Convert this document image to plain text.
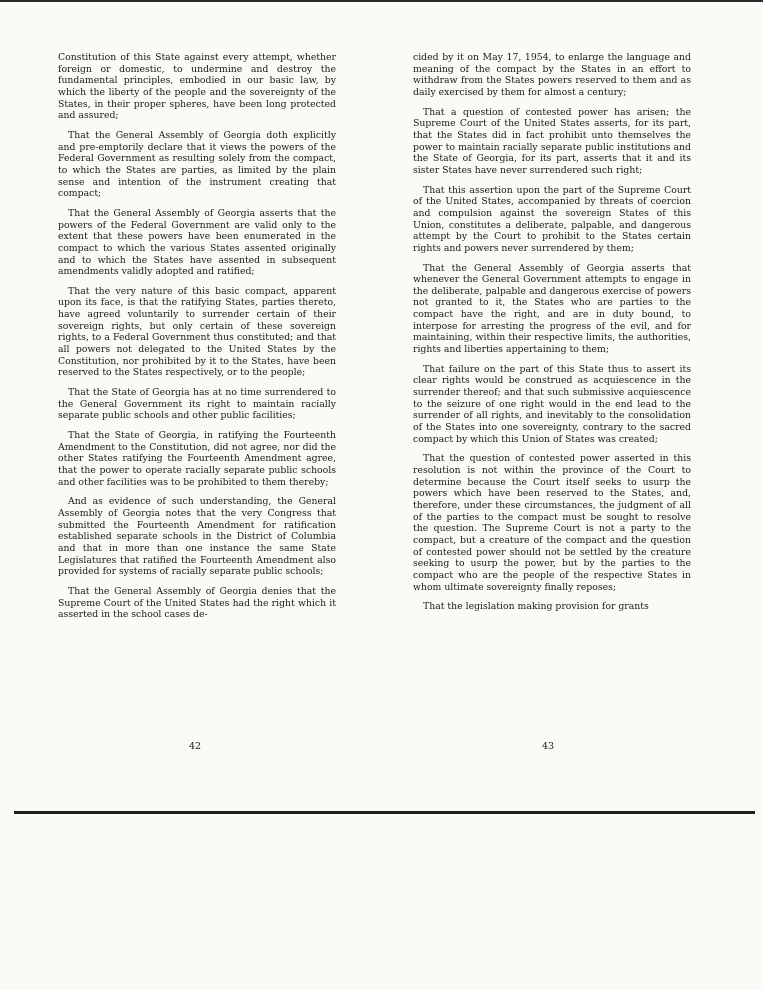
Constitution of this State against every attempt, whether foreign or domestic, to undermine and destroy the fundamental principles, embodied in our basic law, by which the liberty of the people and the sovereignty of the States, in their proper spheres, have been long protected and assured;

That the General Assembly of Georgia doth explicitly and pre-emptorily declare that it views the powers of the Federal Government as resulting solely from the compact, to which the States are parties, as limited by the plain sense and intention of the instrument creating that compact;

That the General Assembly of Georgia asserts that the powers of the Federal Government are valid only to the extent that these powers have been enumerated in the compact to which the various States assented originally and to which the States have assented in subsequent amendments validly adopted and ratified;

That the very nature of this basic compact, apparent upon its face, is that the ratifying States, parties thereto, have agreed voluntarily to surrender certain of their sovereign rights, but only certain of these sovereign rights, to a Federal Government thus constituted; and that all powers not delegated to the United States by the Constitution, nor prohibited by it to the States, have been reserved to the States respectively, or to the people;

That the State of Georgia has at no time surrendered to the General Government its right to maintain racially separate public schools and other public facilities;

That the State of Georgia, in ratifying the Fourteenth Amendment to the Constitution, did not agree, nor did the other States ratifying the Fourteenth Amendment agree, that the power to operate racially separate public schools and other facilities was to be prohibited to them thereby;

And as evidence of such understanding, the General Assembly of Georgia notes that the very Congress that submitted the Fourteenth Amendment for ratification established separate schools in the District of Columbia and that in more than one instance the same State Legislatures that ratified the Fourteenth Amendment also provided for systems of racially separate public schools;

That the General Assembly of Georgia denies that the Supreme Court of the United States had the right which it asserted in the school cases de-

cided by it on May 17, 1954, to enlarge the language and meaning of the compact by the States in an effort to withdraw from the States powers reserved to them and as daily exercised by them for almost a century;

That a question of contested power has arisen; the Supreme Court of the United States asserts, for its part, that the States did in fact prohibit unto themselves the power to maintain racially separate public institutions and the State of Georgia, for its part, asserts that it and its sister States have never surrendered such right;

That this assertion upon the part of the Supreme Court of the United States, accompanied by threats of coercion and compulsion against the sovereign States of this Union, constitutes a deliberate, palpable, and dangerous attempt by the Court to prohibit to the States certain rights and powers never surrendered by them;

That the General Assembly of Georgia asserts that whenever the General Government attempts to engage in the deliberate, palpable and dangerous exercise of powers not granted to it, the States who are parties to the compact have the right, and are in duty bound, to interpose for arresting the progress of the evil, and for maintaining, within their respective limits, the authorities, rights and liberties appertaining to them;

That failure on the part of this State thus to assert its clear rights would be construed as acquiescence in the surrender thereof; and that such submissive acquiescence to the seizure of one right would in the end lead to the surrender of all rights, and inevitably to the consolidation of the States into one sovereignty, contrary to the sacred compact by which this Union of States was created;

That the question of contested power asserted in this resolution is not within the province of the Court to determine because the Court itself seeks to usurp the powers which have been reserved to the States, and, therefore, under these circumstances, the judgment of all of the parties to the compact must be sought to resolve the question. The Supreme Court is not a party to the compact, but a creature of the compact and the question of contested power should not be settled by the creature seeking to usurp the power, but by the parties to the compact who are the people of the respective States in whom ultimate sovereignty finally reposes;

That the legislation making provision for grants

42	43
